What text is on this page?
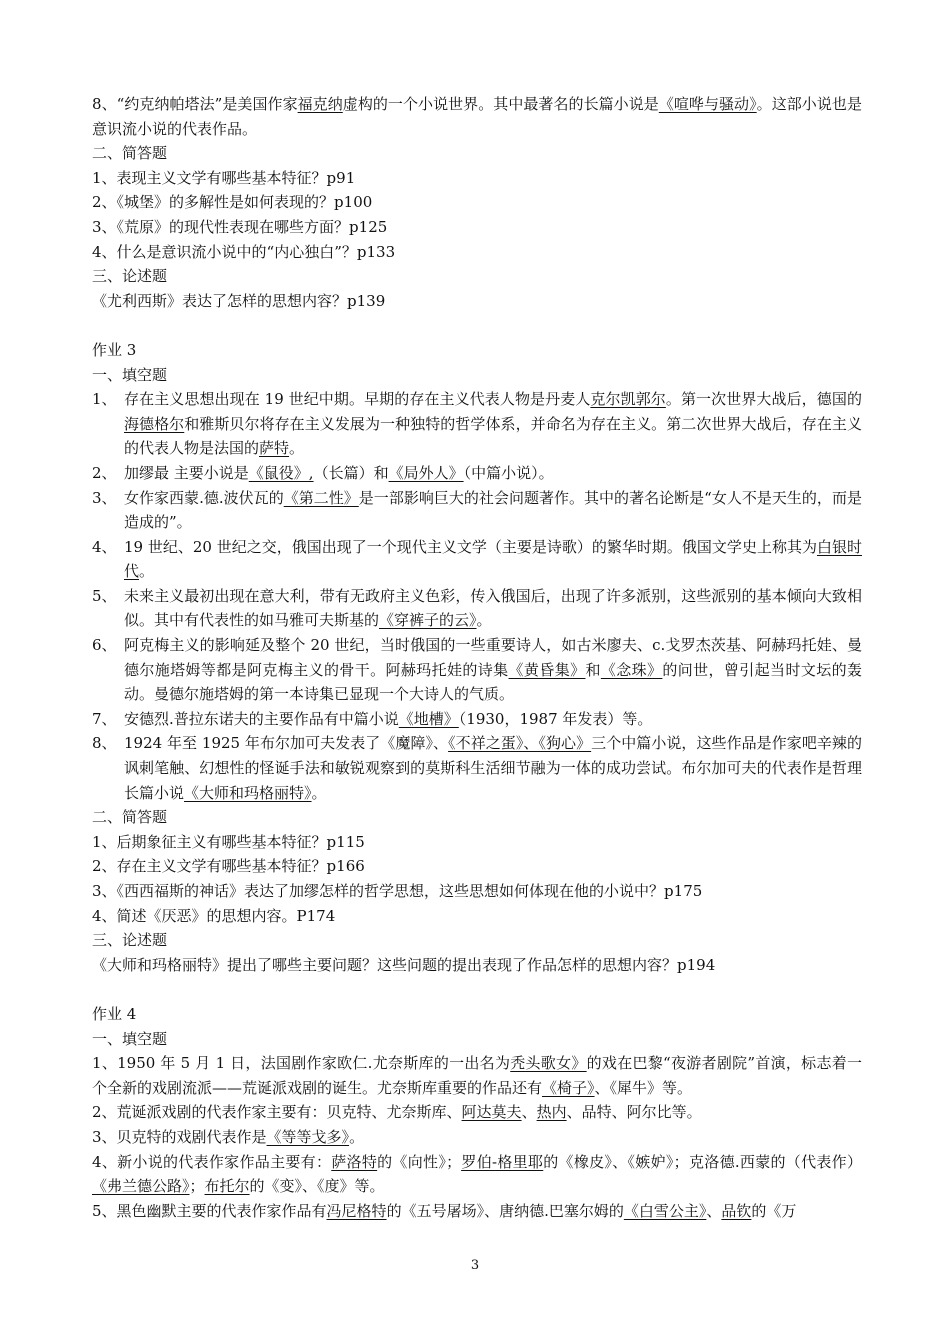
8、“约克纳帕塔法”是美国作家福克纳虚构的一个小说世界。其中最著名的长篇小说是《喧哗与骚动》。这部小说也是意识流小说的代表作品。
二、简答题
1、表现主义文学有哪些基本特征？p91
2、《城堡》的多解性是如何表现的？p100
3、《荒原》的现代性表现在哪些方面？p125
4、什么是意识流小说中的“内心独白”？p133
三、论述题
《尤利西斯》表达了怎样的思想内容？p139
作业 3
一、填空题
1、 存在主义思想出现在 19 世纪中期。早期的存在主义代表人物是丹麦人克尔凯郭尔。第一次世界大战后，德国的海德格尔和雅斯贝尔将存在主义发展为一种独特的哲学体系，并命名为存在主义。第二次世界大战后，存在主义的代表人物是法国的萨特。
2、 加缪最 主要小说是《鼠役》,（长篇）和《局外人》（中篇小说）。
3、 女作家西蒙.德.波伏瓦的《第二性》是一部影响巨大的社会问题著作。其中的著名论断是“女人不是天生的，而是造成的”。
4、 19 世纪、20 世纪之交，俄国出现了一个现代主义文学（主要是诗歌）的繁华时期。俄国文学史上称其为白银时代。
5、 未来主义最初出现在意大利，带有无政府主义色彩，传入俄国后，出现了许多派别，这些派别的基本倾向大致相似。其中有代表性的如马雅可夫斯基的《穿裤子的云》。
6、 阿克梅主义的影响延及整个 20 世纪，当时俄国的一些重要诗人，如古米廖夫、c.戈罗杰茨基、阿赫玛托娃、曼德尔施塔姆等都是阿克梅主义的骨干。阿赫玛托娃的诗集《黄昏集》和《念珠》的问世，曾引起当时文坛的轰动。曼德尔施塔姆的第一本诗集已显现一个大诗人的气质。
7、 安德烈.普拉东诺夫的主要作品有中篇小说《地槽》（1930，1987 年发表）等。
8、 1924 年至 1925 年布尔加可夫发表了《魔障》、《不祥之蛋》、《狗心》三个中篇小说，这些作品是作家吧辛辣的讽刺笔触、幻想性的怪诞手法和敏锐观察到的莫斯科生活细节融为一体的成功尝试。布尔加可夫的代表作是哲理长篇小说《大师和玛格丽特》。
二、简答题
1、后期象征主义有哪些基本特征？p115
2、存在主义文学有哪些基本特征？p166
3、《西西福斯的神话》表达了加缪怎样的哲学思想，这些思想如何体现在他的小说中？p175
4、简述《厌恶》的思想内容。P174
三、论述题
《大师和玛格丽特》提出了哪些主要问题？这些问题的提出表现了作品怎样的思想内容？p194
作业 4
一、填空题
1、1950 年 5 月 1 日，法国剧作家欧仁.尤奈斯库的一出名为秃头歌女》的戏在巴黎“夜游者剧院”首演，标志着一个全新的戏剧流派——荒诞派戏剧的诞生。尤奈斯库重要的作品还有《椅子》、《犀牛》等。
2、荒诞派戏剧的代表作家主要有：贝克特、尤奈斯库、阿达莫夫、热内、品特、阿尔比等。
3、贝克特的戏剧代表作是《等等戈多》。
4、新小说的代表作家作品主要有：萨洛特的《向性》；罗伯-格里耶的《橡皮》、《嫉妒》；克洛德.西蒙的（代表作）《弗兰德公路》；布托尔的《变》、《度》等。
5、黑色幽默主要的代表作家作品有冯尼格特的《五号屠场》、唐纳德.巴塞尔姆的《白雪公主》、品钦的《万
3
